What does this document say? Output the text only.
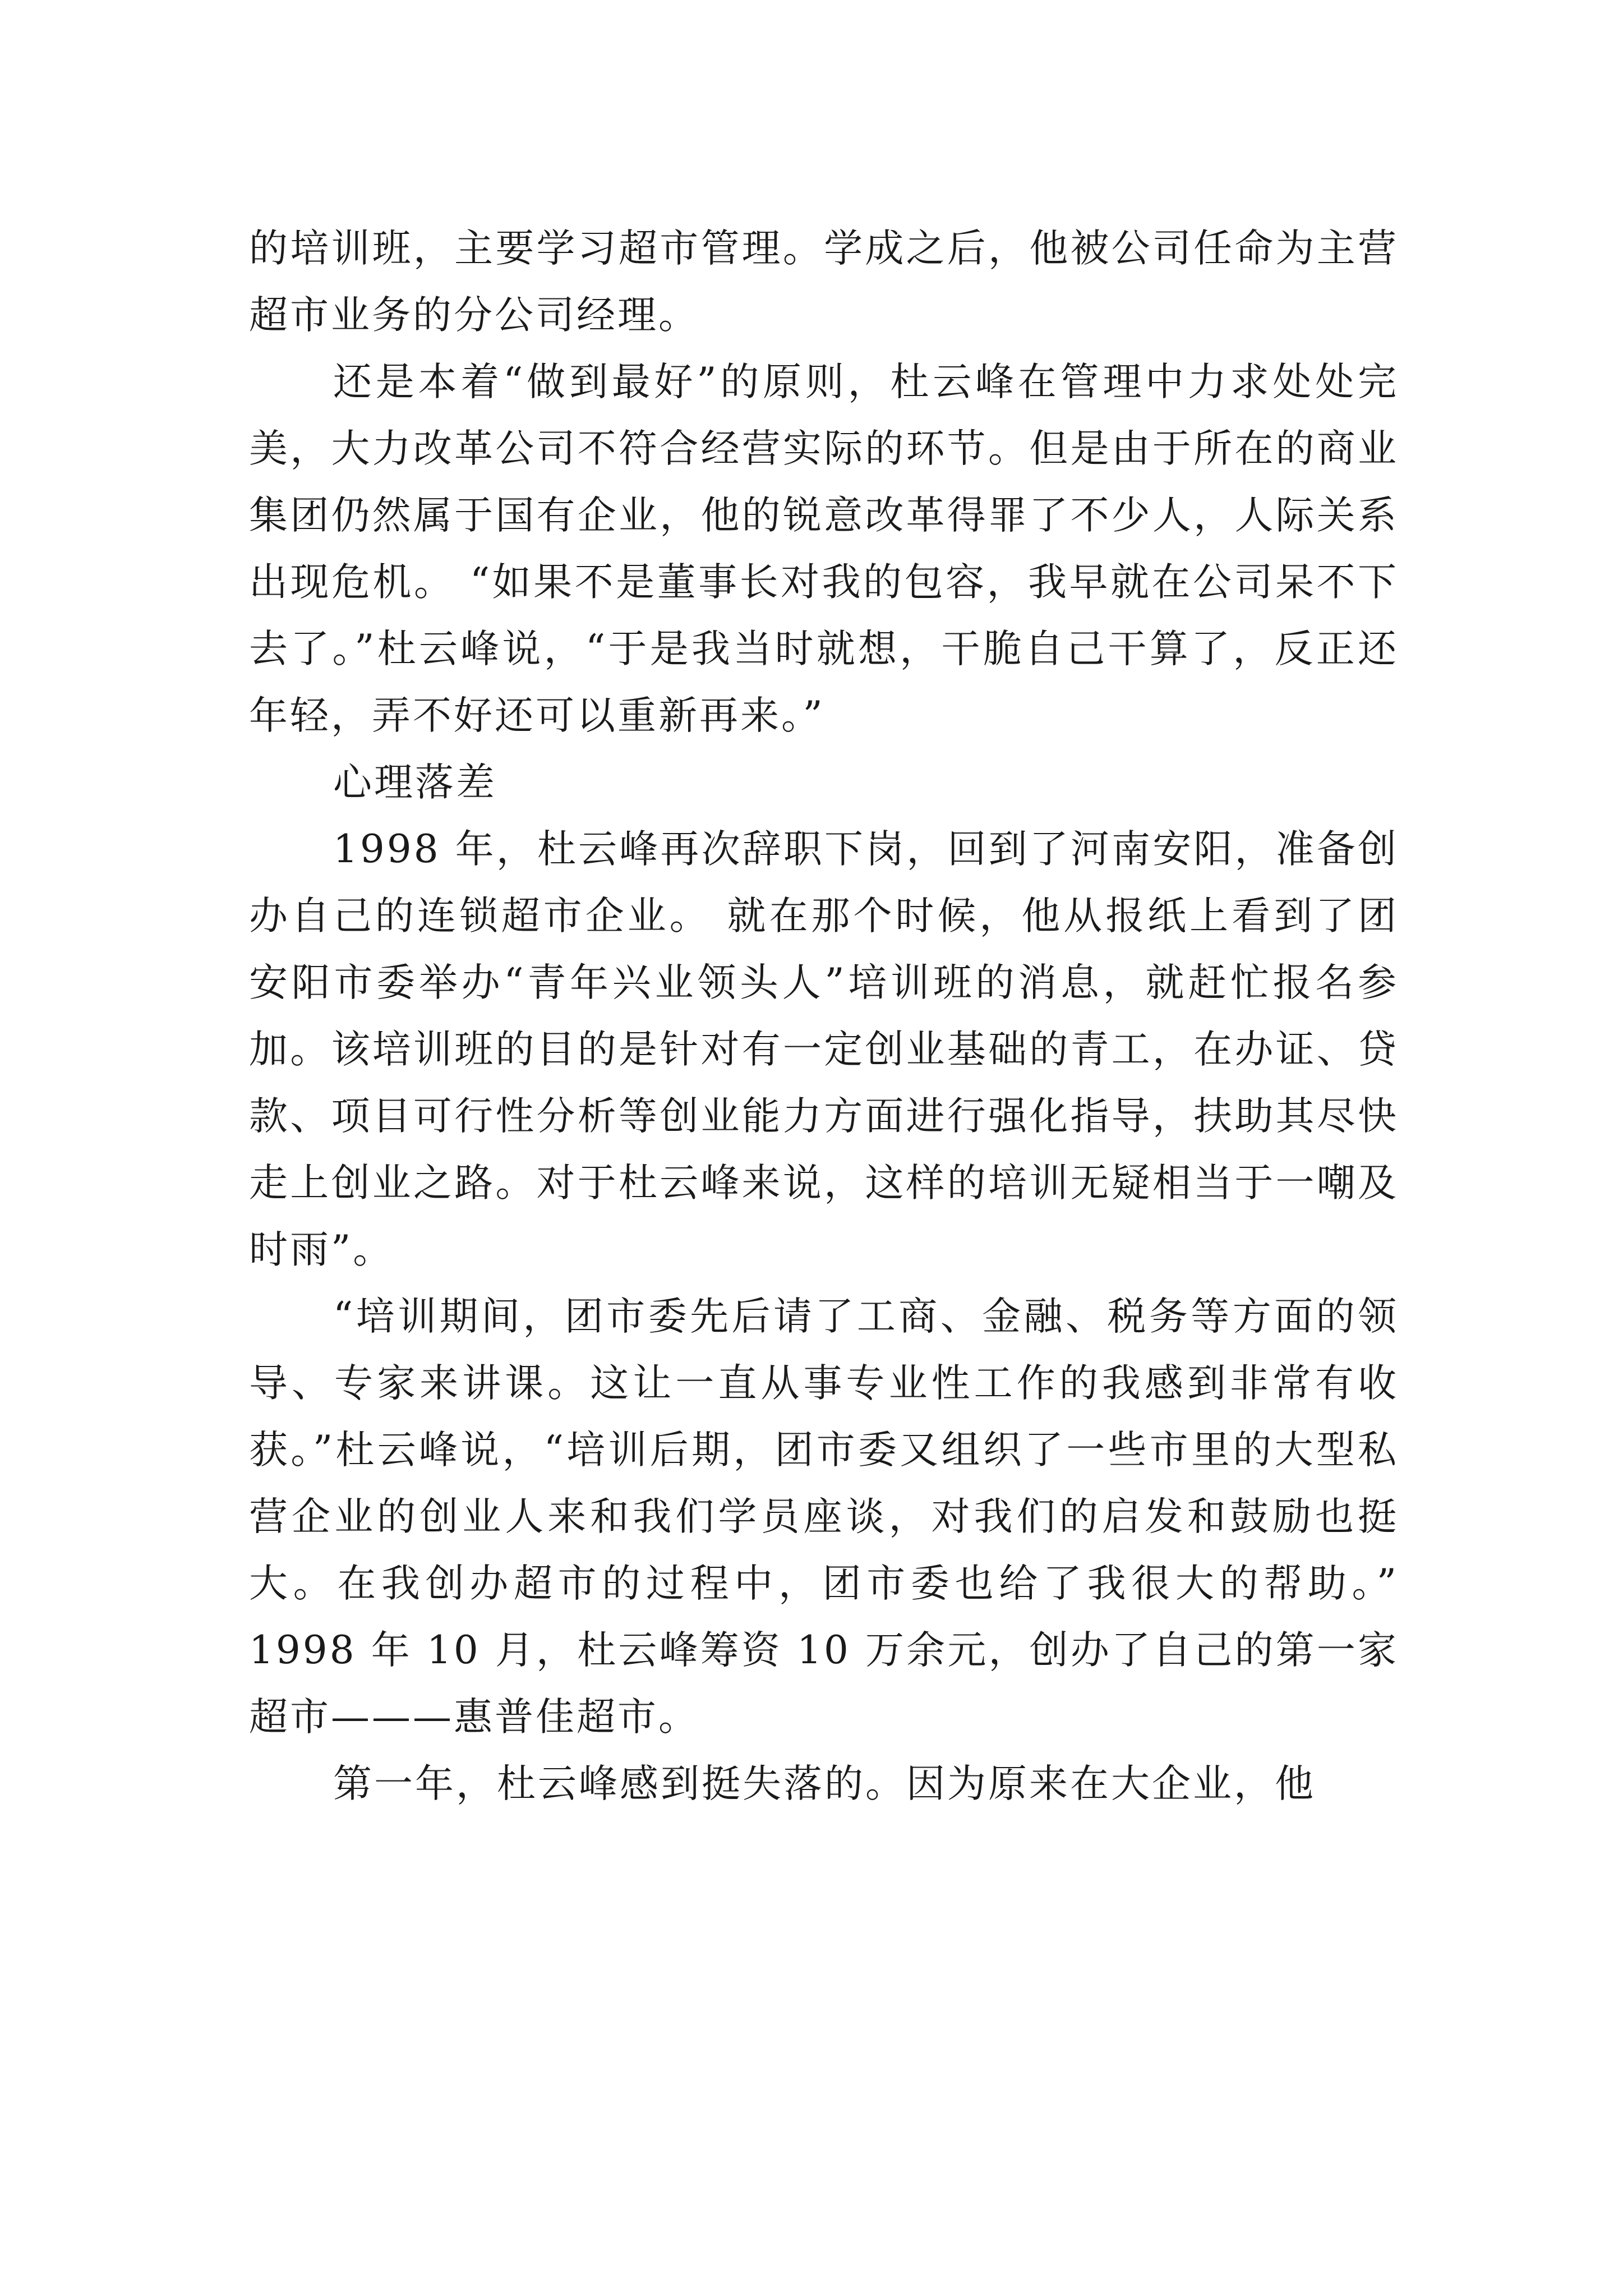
的培训班，主要学习超市管理。学成之后，他被公司任命为主营超市业务的分公司经理。

还是本着“做到最好”的原则，杜云峰在管理中力求处处完美，大力改革公司不符合经营实际的环节。但是由于所在的商业集团仍然属于国有企业，他的锐意改革得罪了不少人，人际关系出现危机。 “如果不是董事长对我的包容，我早就在公司呆不下去了。”杜云峰说，“于是我当时就想，干脆自己干算了，反正还年轻，弄不好还可以重新再来。”

心理落差

1998 年，杜云峰再次辞职下岗，回到了河南安阳，准备创办自己的连锁超市企业。 就在那个时候，他从报纸上看到了团安阳市委举办“青年兴业领头人”培训班的消息，就赶忙报名参加。该培训班的目的是针对有一定创业基础的青工，在办证、贷款、项目可行性分析等创业能力方面进行强化指导，扶助其尽快走上创业之路。对于杜云峰来说，这样的培训无疑相当于一嘲及时雨”。

“培训期间，团市委先后请了工商、金融、税务等方面的领导、专家来讲课。这让一直从事专业性工作的我感到非常有收获。”杜云峰说，“培训后期，团市委又组织了一些市里的大型私营企业的创业人来和我们学员座谈，对我们的启发和鼓励也挺大。在我创办超市的过程中，团市委也给了我很大的帮助。” 1998 年 10 月，杜云峰筹资 10 万余元，创办了自己的第一家超市———惠普佳超市。

第一年，杜云峰感到挺失落的。因为原来在大企业，他
